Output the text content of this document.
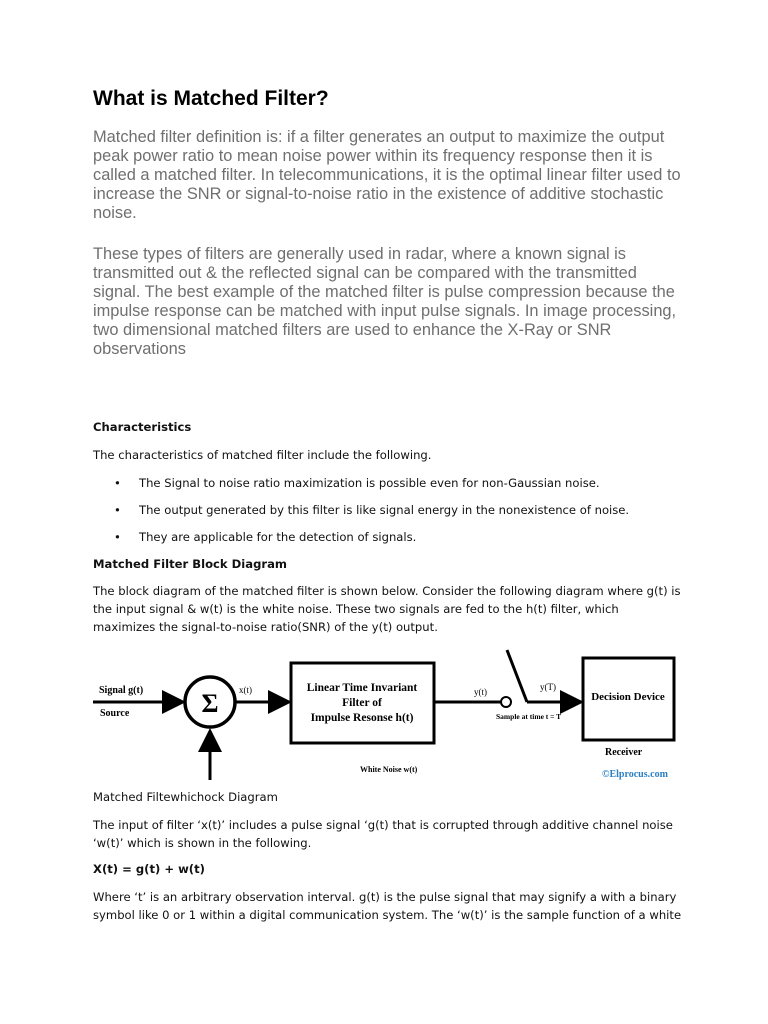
What is Matched Filter?

Matched filter definition is: if a filter generates an output to maximize the output peak power ratio to mean noise power within its frequency response then it is called a matched filter. In telecommunications, it is the optimal linear filter used to increase the SNR or signal-to-noise ratio in the existence of additive stochastic noise.

These types of filters are generally used in radar, where a known signal is transmitted out & the reflected signal can be compared with the transmitted signal. The best example of the matched filter is pulse compression because the impulse response can be matched with input pulse signals. In image processing, two dimensional matched filters are used to enhance the X-Ray or SNR observations

Characteristics

The characteristics of matched filter include the following.

• The Signal to noise ratio maximization is possible even for non-Gaussian noise.
• The output generated by this filter is like signal energy in the nonexistence of noise.
• They are applicable for the detection of signals.

Matched Filter Block Diagram

The block diagram of the matched filter is shown below. Consider the following diagram where g(t) is the input signal & w(t) is the white noise. These two signals are fed to the h(t) filter, which maximizes the signal-to-noise ratio(SNR) of the y(t) output.

Matched Filtewhichock Diagram

The input of filter ‘x(t)’ includes a pulse signal ‘g(t) that is corrupted through additive channel noise ‘w(t)’ which is shown in the following.

X(t) = g(t) + w(t)

Where ‘t’ is an arbitrary observation interval. g(t) is the pulse signal that may signify a with a binary symbol like 0 or 1 within a digital communication system. The ‘w(t)’ is the sample function of a white

Signal g(t)
Source	Σ x(t)	Linear Time Invariant
Filter of
Impulse Resonse h(t)
y(t)	y(T)
Sample at time t = T
Decision Device
Receiver
White Noise w(t)	©Elprocus.com
